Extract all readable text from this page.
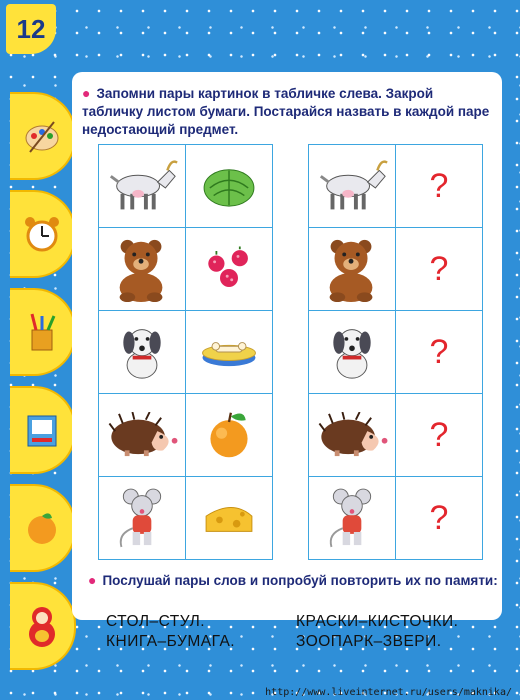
12
● Запомни пары картинок в табличке слева. Закрой табличку листом бумаги. Постарайся назвать в каждой паре недостающий предмет.

	?

	?

	?

	?

	?
● Послушай пары слов и попробуй повторить их по памяти:
СТОЛ–СТУЛ.
КНИГА–БУМАГА.
КРАСКИ–КИСТОЧКИ.
ЗООПАРК–ЗВЕРИ.
http://www.liveinternet.ru/users/maknika/
